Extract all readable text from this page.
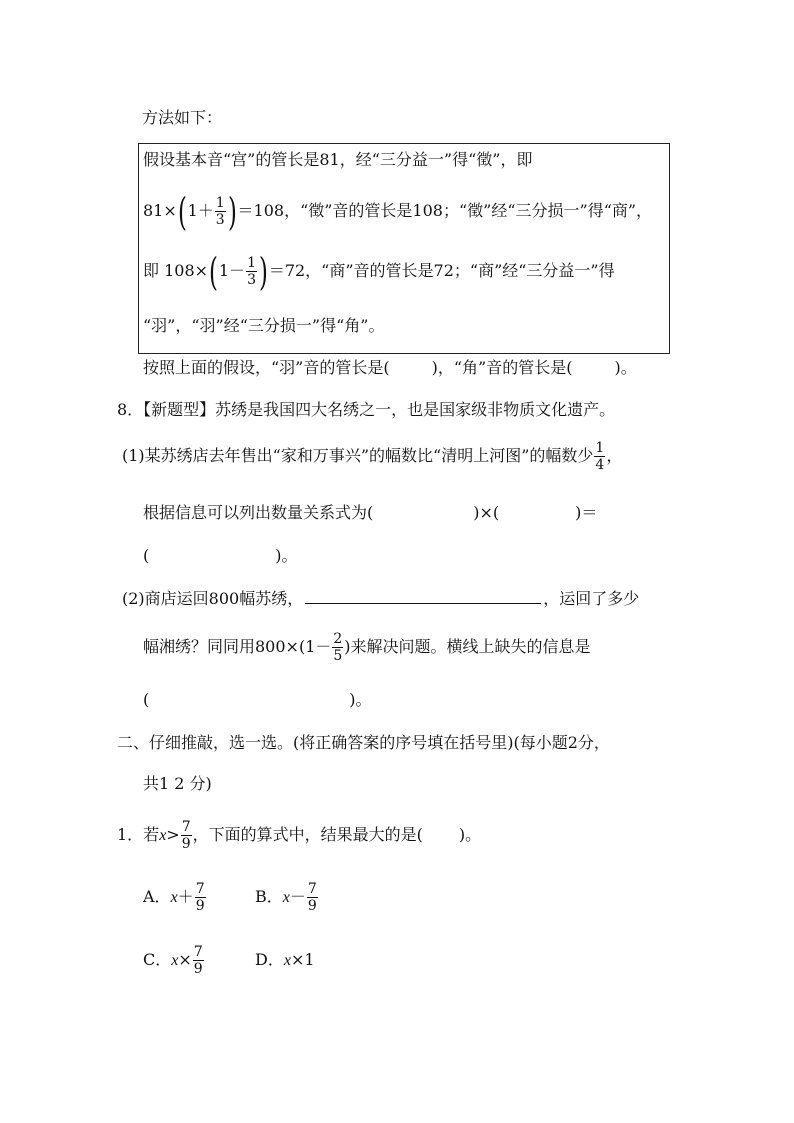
方法如下：
假设基本音“宫”的管长是81，经“三分益一”得“徵”，即
$81\times(1+ \frac{1}{3} )=108$，“徵”音的管长是108；“徵”经“三分损一”得“商”，
即 $108\times(1- \frac{1}{3} )=72$，“商”音的管长是72；“商”经“三分益一”得
“羽”，“羽”经“三分损一”得“角”。
按照上面的假设，“羽”音的管长是(	)，“角”音的管长是(	)。
8．【新题型】苏绣是我国四大名绣之一，也是国家级非物质文化遗产。
(1)某苏绣店去年售出“家和万事兴”的幅数比“清明上河图”的幅数少 $\frac{1}{4}$ ，
根据信息可以列出数量关系式为(	)×(	)＝
(	)。
(2)商店运回800幅苏绣，	，运回了多少
幅湘绣？同同用$800\times(1- \frac{2}{5}$ )来解决问题。横线上缺失的信息是
(	)。
二、仔细推敲，选一选。(将正确答案的序号填在括号里)(每小题2分，
共1 2 分)
1．若$x> \frac{7}{9}$ ，下面的算式中，结果最大的是( )。
A．$x+ \frac{7}{9}$	B．$x- \frac{7}{9}$
C．$x\times \frac{7}{9}$	D．x×1
